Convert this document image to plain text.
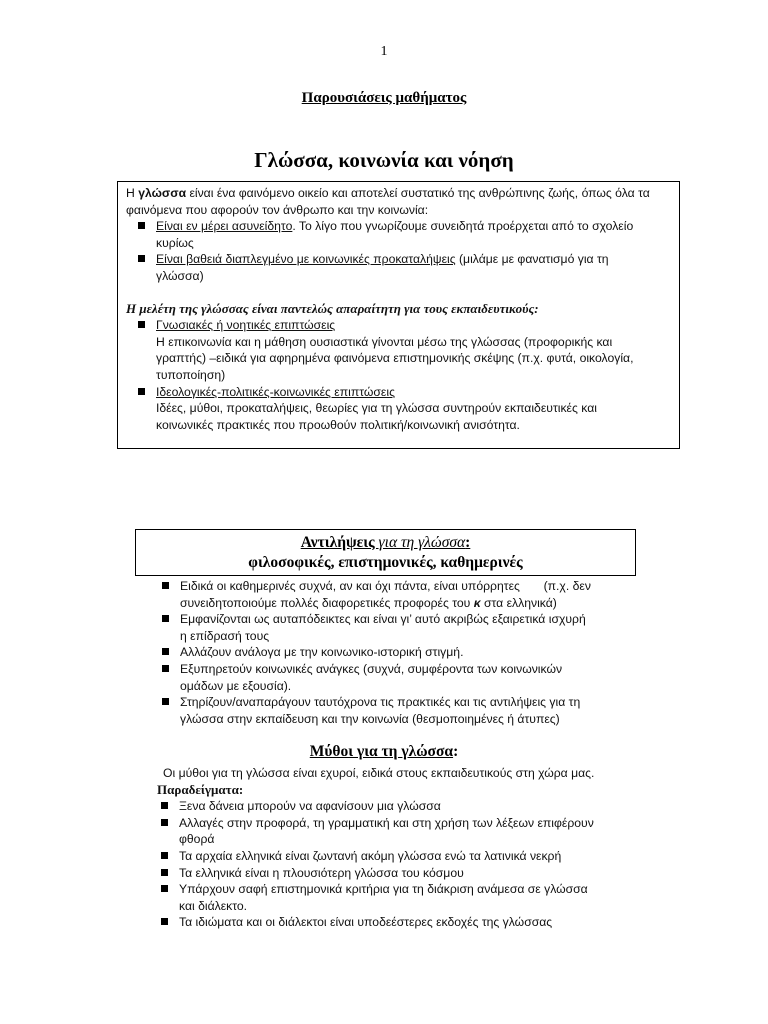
1
Παρουσιάσεις μαθήματος
Γλώσσα, κοινωνία και νόηση

Η γλώσσα είναι ένα φαινόμενο οικείο και αποτελεί συστατικό της ανθρώπινης ζωής, όπως όλα τα

φαινόμενα που αφορούν τον άνθρωπο και την κοινωνία:

Είναι εν μέρει ασυνείδητο. Το λίγο που γνωρίζουμε συνειδητά προέρχεται από το σχολείο

κυρίως

Είναι βαθειά διαπλεγμένο με κοινωνικές προκαταλήψεις (μιλάμε με φανατισμό για τη

γλώσσα)

Η μελέτη της γλώσσας είναι παντελώς απαραίτητη για τους εκπαιδευτικούς:

Γνωσιακές ή νοητικές επιπτώσεις

Η επικοινωνία και η μάθηση ουσιαστικά γίνονται μέσω της γλώσσας (προφορικής και

γραπτής) –ειδικά για αφηρημένα φαινόμενα επιστημονικής σκέψης (π.χ. φυτά, οικολογία,

τυποποίηση)

Ιδεολογικές-πολιτικές-κοινωνικές επιπτώσεις

Ιδέες, μύθοι, προκαταλήψεις, θεωρίες για τη γλώσσα συντηρούν εκπαιδευτικές και

κοινωνικές πρακτικές που προωθούν πολιτική/κοινωνική ανισότητα.

Αντιλήψεις για τη γλώσσα:
φιλοσοφικές, επιστημονικές, καθημερινές

Ειδικά οι καθημερινές συχνά, αν και όχι πάντα, είναι υπόρρητες       (π.χ. δεν

συνειδητοποιούμε πολλές διαφορετικές προφορές του κ στα ελληνικά)

Εμφανίζονται ως αυταπόδεικτες και είναι γι’ αυτό ακριβώς εξαιρετικά ισχυρή

η επίδρασή τους

Αλλάζουν ανάλογα με την κοινωνικο-ιστορική στιγμή.

Εξυπηρετούν κοινωνικές ανάγκες (συχνά, συμφέροντα των κοινωνικών

ομάδων με εξουσία).

Στηρίζουν/αναπαράγουν ταυτόχρονα τις πρακτικές και τις αντιλήψεις για τη

γλώσσα στην εκπαίδευση και την κοινωνία (θεσμοποιημένες ή άτυπες)

Μύθοι για τη γλώσσα:

Οι μύθοι για τη γλώσσα είναι εχυροί, ειδικά στους εκπαιδευτικούς στη χώρα μας.

Παραδείγματα:

Ξενα δάνεια μπορούν να αφανίσουν μια γλώσσα

Αλλαγές στην προφορά, τη γραμματική και στη χρήση των λέξεων επιφέρουν

φθορά

Τα αρχαία ελληνικά είναι ζωντανή ακόμη γλώσσα ενώ τα λατινικά νεκρή

Τα ελληνικά είναι η πλουσιότερη γλώσσα του κόσμου

Υπάρχουν σαφή επιστημονικά κριτήρια για τη διάκριση ανάμεσα σε γλώσσα

και διάλεκτο.

Τα ιδιώματα και οι διάλεκτοι είναι υποδεέστερες εκδοχές της γλώσσας
